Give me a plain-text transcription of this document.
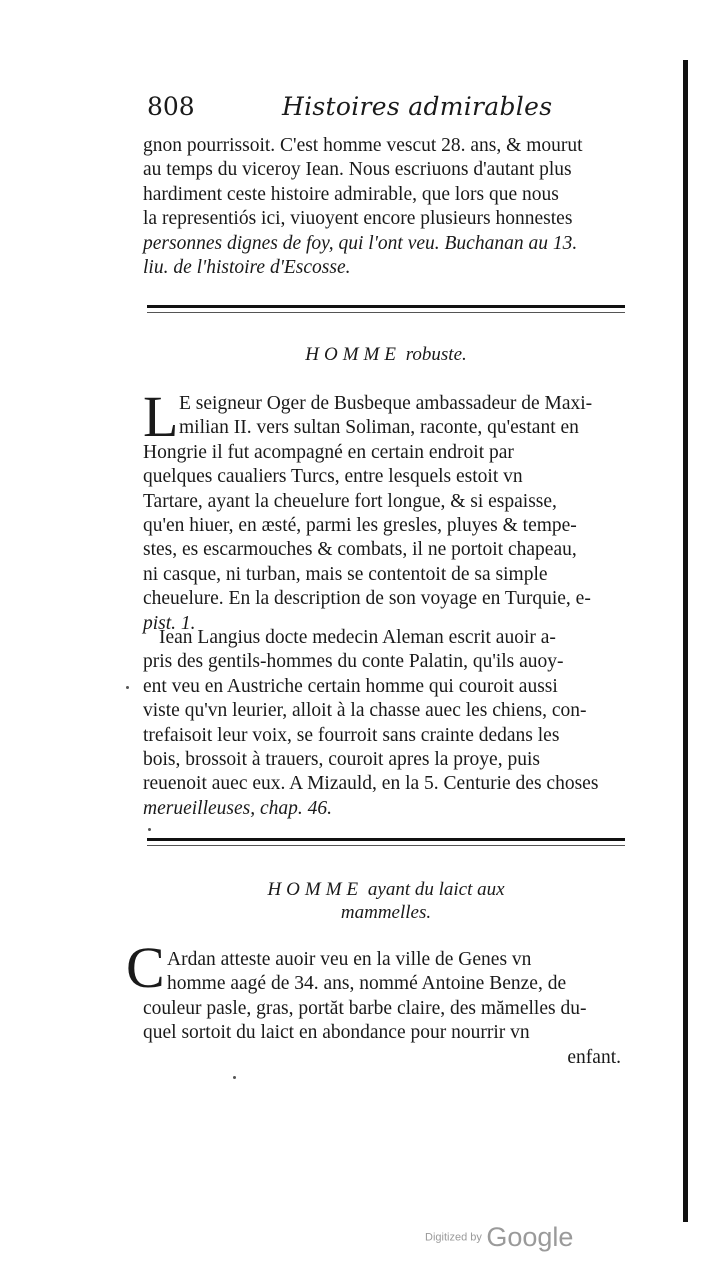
808	Histoires admirables

gnon pourrissoit. C'est homme vescut 28. ans, & mourut

au temps du viceroy Iean. Nous escriuons d'autant plus

hardiment ceste histoire admirable, que lors que nous

la representiós ici, viuoyent encore plusieurs honnestes

personnes dignes de foy, qui l'ont veu. Buchanan au 13.

liu. de l'histoire d'Escosse.

HOMME robuste.
L E seigneur Oger de Busbeque ambassadeur de Maxi-

milian II. vers sultan Soliman, raconte, qu'estant en

Hongrie il fut acompagné en certain endroit par

quelques caualiers Turcs, entre lesquels estoit vn

Tartare, ayant la cheuelure fort longue, & si espaisse,

qu'en hiuer, en æsté, parmi les gresles, pluyes & tempe-

stes, es escarmouches & combats, il ne portoit chapeau,

ni casque, ni turban, mais se contentoit de sa simple

cheuelure. En la description de son voyage en Turquie, e-

pist. 1.

Iean Langius docte medecin Aleman escrit auoir a-

pris des gentils-hommes du conte Palatin, qu'ils auoy-

ent veu en Austriche certain homme qui couroit aussi

viste qu'vn leurier, alloit à la chasse auec les chiens, con-

trefaisoit leur voix, se fourroit sans crainte dedans les

bois, brossoit à trauers, couroit apres la proye, puis

reuenoit auec eux. A Mizauld, en la 5. Centurie des choses

merueilleuses, chap. 46.

HOMME ayant du laict aux
mammelles.
C Ardan atteste auoir veu en la ville de Genes vn

homme aagé de 34. ans, nommé Antoine Benze, de

couleur pasle, gras, portăt barbe claire, des mămelles du-

quel sortoit du laict en abondance pour nourrir vn

enfant.

Digitized by Google
